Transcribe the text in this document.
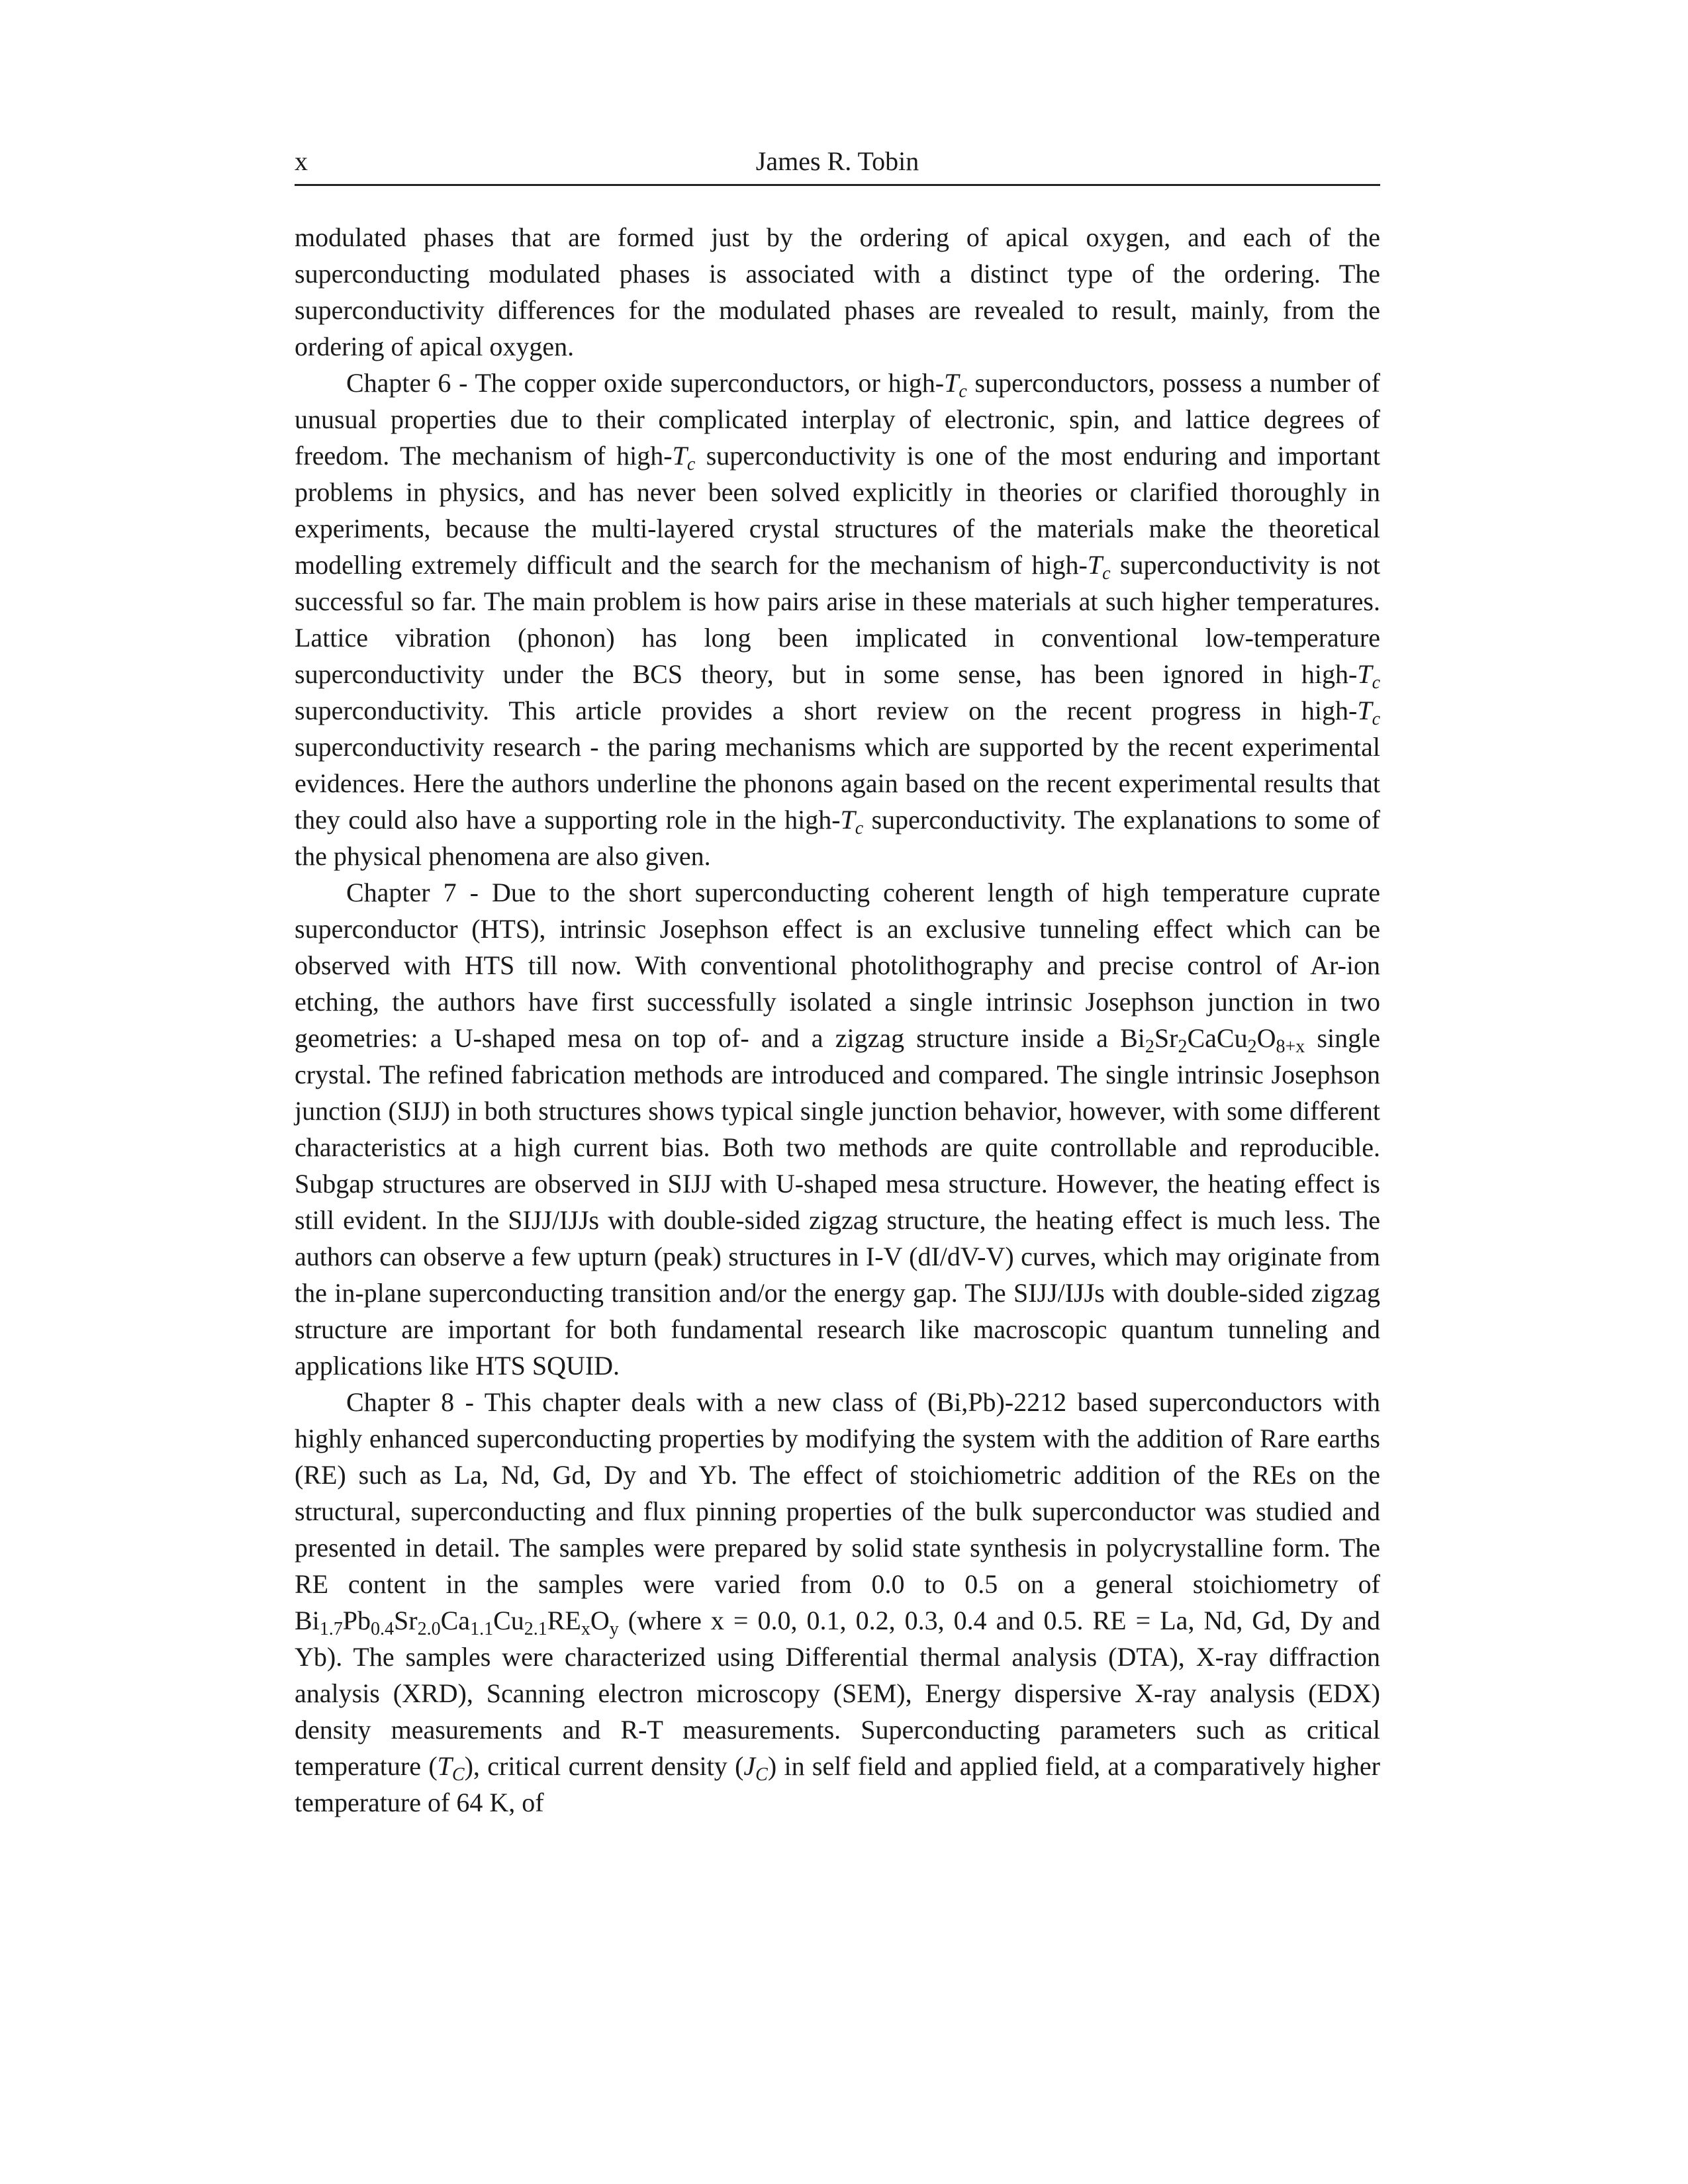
x	James R. Tobin

modulated phases that are formed just by the ordering of apical oxygen, and each of the superconducting modulated phases is associated with a distinct type of the ordering. The superconductivity differences for the modulated phases are revealed to result, mainly, from the ordering of apical oxygen.

Chapter 6 - The copper oxide superconductors, or high-$T_c$ superconductors, possess a number of unusual properties due to their complicated interplay of electronic, spin, and lattice degrees of freedom. The mechanism of high-$T_c$ superconductivity is one of the most enduring and important problems in physics, and has never been solved explicitly in theories or clarified thoroughly in experiments, because the multi-layered crystal structures of the materials make the theoretical modelling extremely difficult and the search for the mechanism of high-$T_c$ superconductivity is not successful so far. The main problem is how pairs arise in these materials at such higher temperatures. Lattice vibration (phonon) has long been implicated in conventional low-temperature superconductivity under the BCS theory, but in some sense, has been ignored in high-$T_c$ superconductivity. This article provides a short review on the recent progress in high-$T_c$ superconductivity research - the paring mechanisms which are supported by the recent experimental evidences. Here the authors underline the phonons again based on the recent experimental results that they could also have a supporting role in the high-$T_c$ superconductivity. The explanations to some of the physical phenomena are also given.

Chapter 7 - Due to the short superconducting coherent length of high temperature cuprate superconductor (HTS), intrinsic Josephson effect is an exclusive tunneling effect which can be observed with HTS till now. With conventional photolithography and precise control of Ar-ion etching, the authors have first successfully isolated a single intrinsic Josephson junction in two geometries: a U-shaped mesa on top of- and a zigzag structure inside a $Bi_2Sr_2CaCu_2O_{8+x}$ single crystal. The refined fabrication methods are introduced and compared. The single intrinsic Josephson junction (SIJJ) in both structures shows typical single junction behavior, however, with some different characteristics at a high current bias. Both two methods are quite controllable and reproducible. Subgap structures are observed in SIJJ with U-shaped mesa structure. However, the heating effect is still evident. In the SIJJ/IJJs with double-sided zigzag structure, the heating effect is much less. The authors can observe a few upturn (peak) structures in I-V (dI/dV-V) curves, which may originate from the in-plane superconducting transition and/or the energy gap. The SIJJ/IJJs with double-sided zigzag structure are important for both fundamental research like macroscopic quantum tunneling and applications like HTS SQUID.

Chapter 8 - This chapter deals with a new class of (Bi,Pb)-2212 based superconductors with highly enhanced superconducting properties by modifying the system with the addition of Rare earths (RE) such as La, Nd, Gd, Dy and Yb. The effect of stoichiometric addition of the REs on the structural, superconducting and flux pinning properties of the bulk superconductor was studied and presented in detail. The samples were prepared by solid state synthesis in polycrystalline form. The RE content in the samples were varied from 0.0 to 0.5 on a general stoichiometry of $Bi_{1.7}Pb_{0.4}Sr_{2.0}Ca_{1.1}Cu_{2.1}RE_xO_y$ (where x = 0.0, 0.1, 0.2, 0.3, 0.4 and 0.5. RE = La, Nd, Gd, Dy and Yb). The samples were characterized using Differential thermal analysis (DTA), X-ray diffraction analysis (XRD), Scanning electron microscopy (SEM), Energy dispersive X-ray analysis (EDX) density measurements and R-T measurements. Superconducting parameters such as critical temperature $(T_C)$, critical current density $(J_C)$ in self field and applied field, at a comparatively higher temperature of 64 K, of
